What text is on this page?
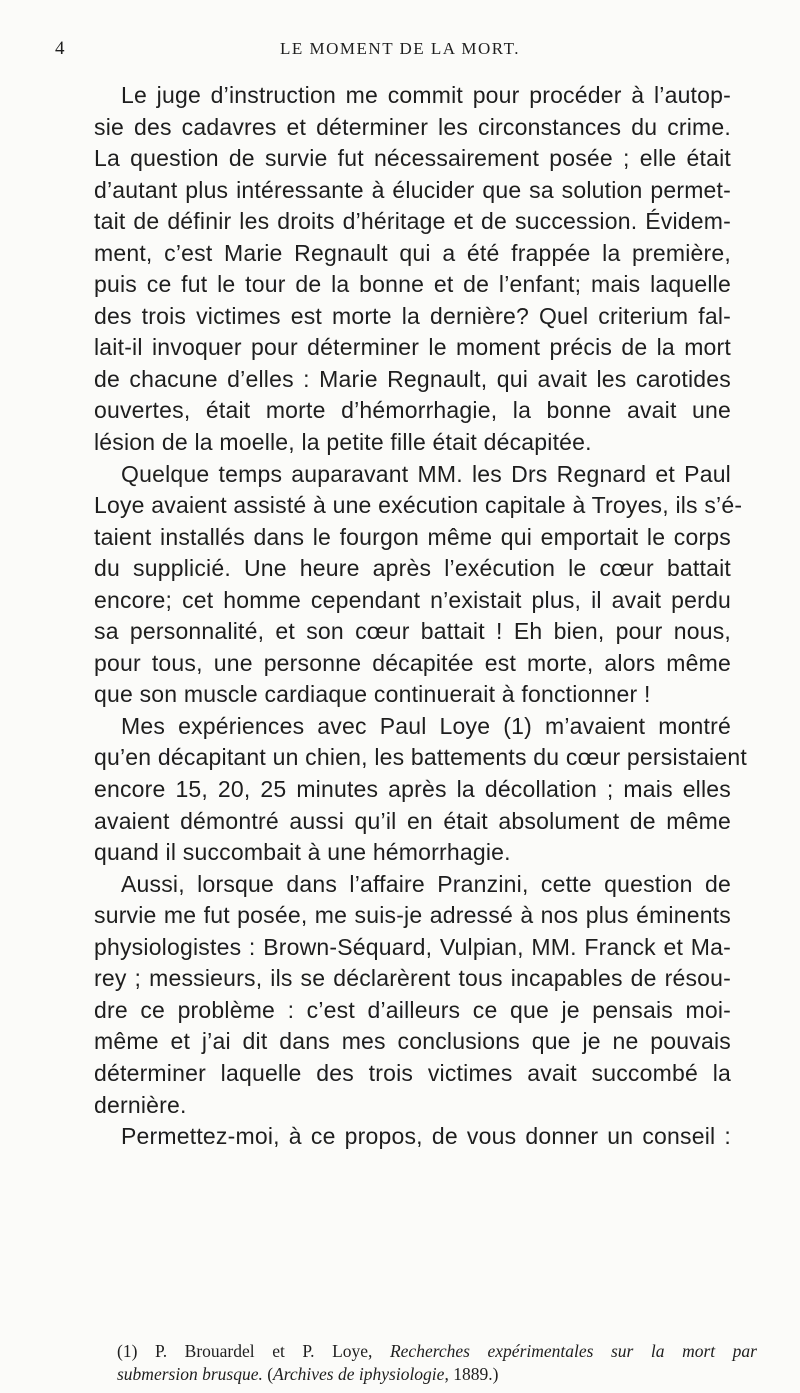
4	LE MOMENT DE LA MORT.
Le juge d’instruction me commit pour procéder à l’autop-
sie des cadavres et déterminer les circonstances du crime.
La question de survie fut nécessairement posée ; elle était
d’autant plus intéressante à élucider que sa solution permet-
tait de définir les droits d’héritage et de succession. Évidem-
ment, c’est Marie Regnault qui a été frappée la première,
puis ce fut le tour de la bonne et de l’enfant; mais laquelle
des trois victimes est morte la dernière? Quel criterium fal-
lait-il invoquer pour déterminer le moment précis de la mort
de chacune d’elles : Marie Regnault, qui avait les carotides
ouvertes, était morte d’hémorrhagie, la bonne avait une
lésion de la moelle, la petite fille était décapitée.
Quelque temps auparavant MM. les Drs Regnard et Paul
Loye avaient assisté à une exécution capitale à Troyes, ils s’é-
taient installés dans le fourgon même qui emportait le corps
du supplicié. Une heure après l’exécution le cœur battait
encore; cet homme cependant n’existait plus, il avait perdu
sa personnalité, et son cœur battait ! Eh bien, pour nous,
pour tous, une personne décapitée est morte, alors même
que son muscle cardiaque continuerait à fonctionner !
Mes expériences avec Paul Loye (1) m’avaient montré
qu’en décapitant un chien, les battements du cœur persistaient
encore 15, 20, 25 minutes après la décollation ; mais elles
avaient démontré aussi qu’il en était absolument de même
quand il succombait à une hémorrhagie.
Aussi, lorsque dans l’affaire Pranzini, cette question de
survie me fut posée, me suis-je adressé à nos plus éminents
physiologistes : Brown-Séquard, Vulpian, MM. Franck et Ma-
rey ; messieurs, ils se déclarèrent tous incapables de résou-
dre ce problème : c’est d’ailleurs ce que je pensais moi-
même et j’ai dit dans mes conclusions que je ne pouvais
déterminer laquelle des trois victimes avait succombé la
dernière.
Permettez-moi, à ce propos, de vous donner un conseil :
(1) P. Brouardel et P. Loye, Recherches expérimentales sur la mort par
submersion brusque. (Archives de iphysiologie, 1889.)
